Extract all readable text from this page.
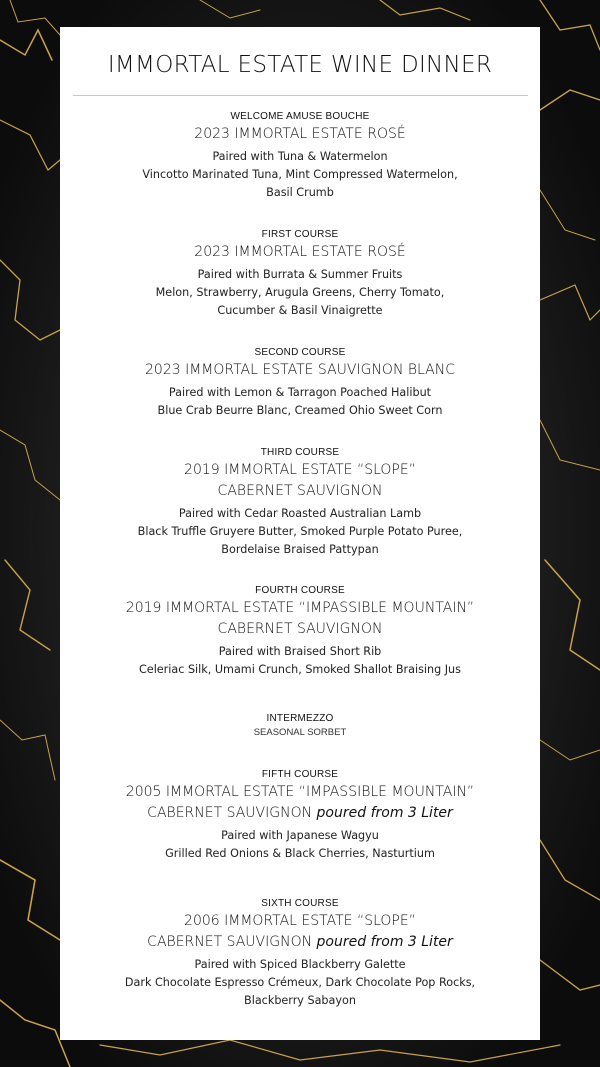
IMMORTAL ESTATE WINE DINNER
WELCOME AMUSE BOUCHE
2023 IMMORTAL ESTATE ROSÉ
Paired with Tuna & Watermelon
Vincotto Marinated Tuna, Mint Compressed Watermelon,
Basil Crumb
FIRST COURSE
2023 IMMORTAL ESTATE ROSÉ
Paired with Burrata & Summer Fruits
Melon, Strawberry, Arugula Greens, Cherry Tomato,
Cucumber & Basil Vinaigrette
SECOND COURSE
2023 IMMORTAL ESTATE SAUVIGNON BLANC
Paired with Lemon & Tarragon Poached Halibut
Blue Crab Beurre Blanc, Creamed Ohio Sweet Corn
THIRD COURSE
2019 IMMORTAL ESTATE “SLOPE”
CABERNET SAUVIGNON
Paired with Cedar Roasted Australian Lamb
Black Truffle Gruyere Butter, Smoked Purple Potato Puree,
Bordelaise Braised Pattypan
FOURTH COURSE
2019 IMMORTAL ESTATE “IMPASSIBLE MOUNTAIN”
CABERNET SAUVIGNON
Paired with Braised Short Rib
Celeriac Silk, Umami Crunch, Smoked Shallot Braising Jus
INTERMEZZO
SEASONAL SORBET
FIFTH COURSE
2005 IMMORTAL ESTATE “IMPASSIBLE MOUNTAIN”
CABERNET SAUVIGNON poured from 3 Liter
Paired with Japanese Wagyu
Grilled Red Onions & Black Cherries, Nasturtium
SIXTH COURSE
2006 IMMORTAL ESTATE “SLOPE”
CABERNET SAUVIGNON poured from 3 Liter
Paired with Spiced Blackberry Galette
Dark Chocolate Espresso Crémeux, Dark Chocolate Pop Rocks,
Blackberry Sabayon
